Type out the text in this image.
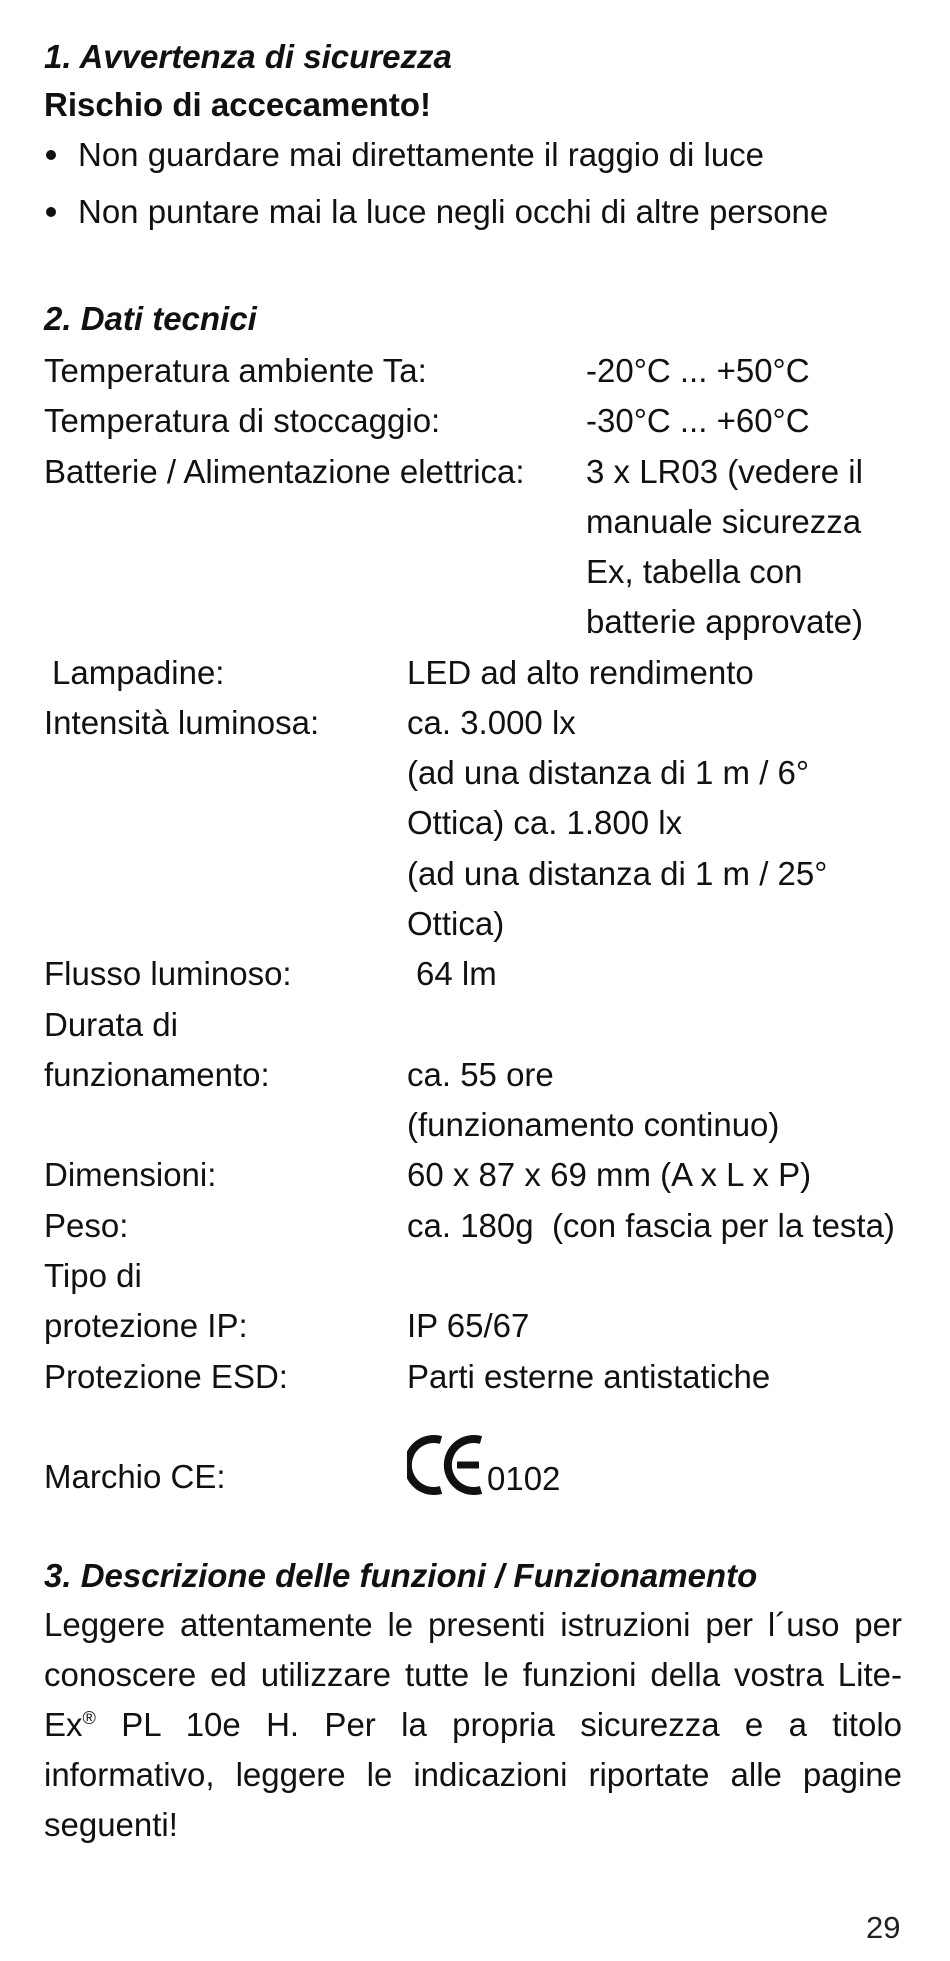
1. Avvertenza di sicurezza
Rischio di accecamento!
Non guardare mai direttamente il raggio di luce
Non puntare mai la luce negli occhi di altre persone
2. Dati tecnici
Temperatura ambiente Ta:	-20°C ... +50°C
Temperatura di stoccaggio:	-30°C ... +60°C
Batterie / Alimentazione elettrica: 3 x LR03 (vedere il
manuale sicurezza
Ex, tabella con
batterie approvate)
Lampadine:	LED ad alto rendimento
Intensità luminosa:	ca. 3.000 lx
(ad una distanza di 1 m / 6°
Ottica) ca. 1.800 lx
(ad una distanza di 1 m / 25°
Ottica)
Flusso luminoso:	64 lm
Durata di
funzionamento:	ca. 55 ore
(funzionamento continuo)
Dimensioni:	60 x 87 x 69 mm (A x L x P)
Peso:	ca. 180g  (con fascia per la testa)
Tipo di
protezione IP:	IP 65/67
Protezione ESD:	Parti esterne antistatiche
Marchio CE:	0102
3. Descrizione delle funzioni / Funzionamento
Leggere attentamente le presenti istruzioni per l´uso per conoscere ed utilizzare tutte le funzioni della vostra Lite-Ex® PL 10e H. Per la propria sicurezza e a titolo informativo, leggere le indicazioni riportate alle pagine seguenti!
29
